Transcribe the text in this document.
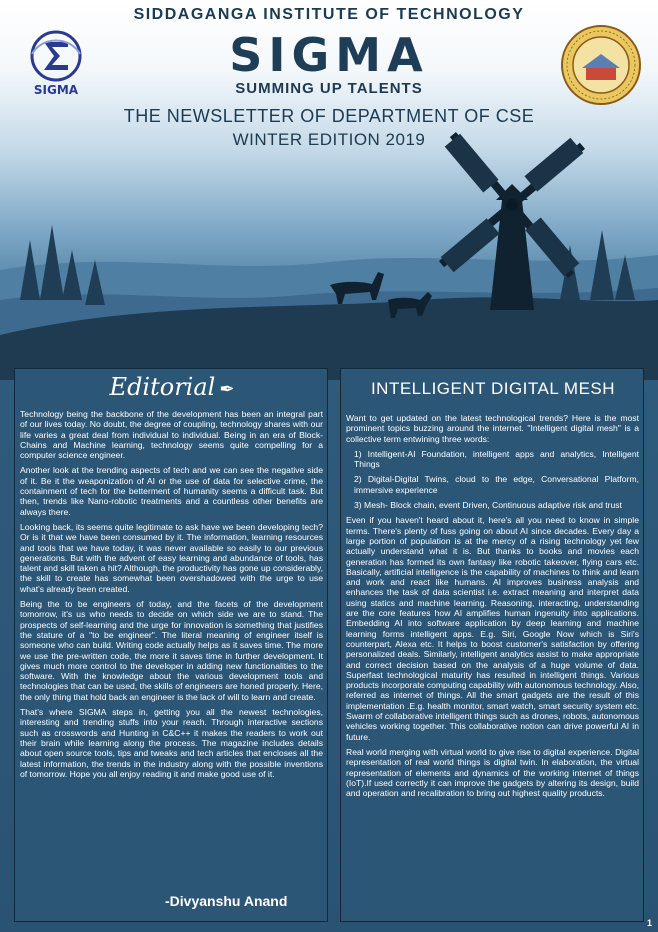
SIDDAGANGA INSTITUTE OF TECHNOLOGY
SIGMA
SUMMING UP TALENTS
THE NEWSLETTER OF DEPARTMENT OF CSE
WINTER EDITION 2019
SIGMA
Editorial ✒

Technology being the backbone of the development has been an integral part of our lives today. No doubt, the degree of coupling, technology shares with our life varies a great deal from individual to individual. Being in an era of Block-Chains and Machine learning, technology seems quite compelling for a computer science engineer.

Another look at the trending aspects of tech and we can see the negative side of it. Be it the weaponization of AI or the use of data for selective crime, the containment of tech for the betterment of humanity seems a difficult task. But then, trends like Nano-robotic treatments and a countless other benefits are always there.

Looking back, its seems quite legitimate to ask have we been developing tech? Or is it that we have been consumed by it. The information, learning resources and tools that we have today, it was never available so easily to our previous generations. But with the advent of easy learning and abundance of tools, has talent and skill taken a hit? Although, the productivity has gone up considerably, the skill to create has somewhat been overshadowed with the urge to use what's already been created.

Being the to be engineers of today, and the facets of the development tomorrow, it's us who needs to decide on which side we are to stand. The prospects of self-learning and the urge for innovation is something that justifies the stature of a "to be engineer". The literal meaning of engineer itself is someone who can build. Writing code actually helps as it saves time. The more we use the pre-written code, the more it saves time in further development. It gives much more control to the developer in adding new functionalities to the software. With the knowledge about the various development tools and technologies that can be used, the skills of engineers are honed properly. Here, the only thing that hold back an engineer is the lack of will to learn and create.

That's where SIGMA steps in, getting you all the newest technologies, interesting and trending stuffs into your reach. Through interactive sections such as crosswords and Hunting in C&C++ it makes the readers to work out their brain while learning along the process. The magazine includes details about open source tools, tips and tweaks and tech articles that encloses all the latest information, the trends in the industry along with the possible inventions of tomorrow. Hope you all enjoy reading it and make good use of it.

-Divyanshu Anand
INTELLIGENT DIGITAL MESH

Want to get updated on the latest technological trends? Here is the most prominent topics buzzing around the internet. "Intelligent digital mesh" is a collective term entwining three words:

1) Intelligent-AI Foundation, intelligent apps and analytics, Intelligent Things

2) Digital-Digital Twins, cloud to the edge, Conversational Platform, immersive experience

3) Mesh- Block chain, event Driven, Continuous adaptive risk and trust

Even if you haven't heard about it, here's all you need to know in simple terms. There's plenty of fuss going on about AI since decades. Every day a large portion of population is at the mercy of a rising technology yet few actually understand what it is. But thanks to books and movies each generation has formed its own fantasy like robotic takeover, flying cars etc. Basically, artificial intelligence is the capability of machines to think and learn and work and react like humans. AI improves business analysis and enhances the task of data scientist i.e. extract meaning and interpret data using statics and machine learning. Reasoning, interacting, understanding are the core features how AI amplifies human ingenuity into applications. Embedding AI into software application by deep learning and machine learning forms intelligent apps. E.g. Siri, Google Now which is Siri's counterpart, Alexa etc. It helps to boost customer's satisfaction by offering personalized deals. Similarly, intelligent analytics assist to make appropriate and correct decision based on the analysis of a huge volume of data. Superfast technological maturity has resulted in intelligent things. Various products incorporate computing capability with autonomous technology. Also, referred as internet of things. All the smart gadgets are the result of this implementation .E.g. health monitor, smart watch, smart security system etc. Swarm of collaborative intelligent things such as drones, robots, autonomous vehicles working together. This collaborative notion can drive powerful AI in future.

Real world merging with virtual world to give rise to digital experience. Digital representation of real world things is digital twin. In elaboration, the virtual representation of elements and dynamics of the working internet of things (IoT).If used correctly it can improve the gadgets by altering its design, build and operation and recalibration to bring out highest quality products.

1
